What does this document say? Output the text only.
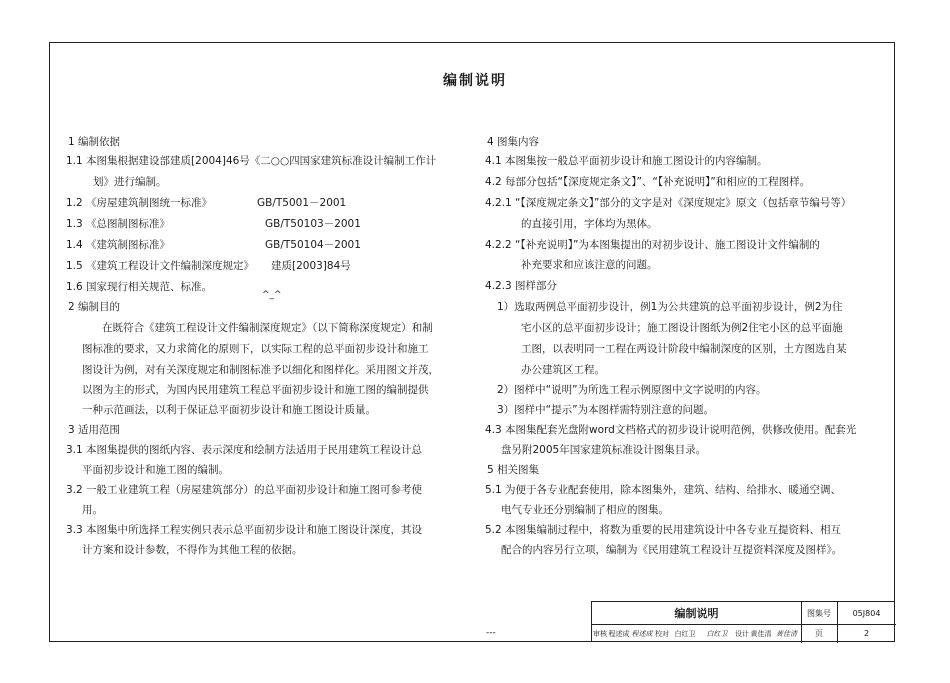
编制说明
1 编制依据
1.1 本图集根据建设部建质[2004]46号《二○○四国家建筑标准设计编制工作计
划》进行编制。
1.2 《房屋建筑制图统一标准》	GB/T5001－2001
1.3 《总图制图标准》	GB/T50103－2001
1.4 《建筑制图标准》	GB/T50104－2001
1.5 《建筑工程设计文件编制深度规定》 建质[2003]84号
1.6 国家现行相关规范、标准。
2 编制目的
在既符合《建筑工程设计文件编制深度规定》（以下简称深度规定）和制
图标准的要求，又力求简化的原则下，以实际工程的总平面初步设计和施工
图设计为例，对有关深度规定和制图标准予以细化和图样化。采用图文并茂，
以图为主的形式，为国内民用建筑工程总平面初步设计和施工图的编制提供
一种示范画法，以利于保证总平面初步设计和施工图设计质量。
3 适用范围
3.1 本图集提供的图纸内容、表示深度和绘制方法适用于民用建筑工程设计总
平面初步设计和施工图的编制。
3.2 一般工业建筑工程（房屋建筑部分）的总平面初步设计和施工图可参考使
用。
3.3 本图集中所选择工程实例只表示总平面初步设计和施工图设计深度，其设
计方案和设计参数，不得作为其他工程的依据。
^_^
4 图集内容
4.1 本图集按一般总平面初步设计和施工图设计的内容编制。
4.2 每部分包括“【深度规定条文】”、“【补充说明】”和相应的工程图样。
4.2.1 “【深度规定条文】”部分的文字是对《深度规定》原文（包括章节编号等）
的直接引用，字体均为黑体。
4.2.2 “【补充说明】”为本图集提出的对初步设计、施工图设计文件编制的
补充要求和应该注意的问题。
4.2.3 图样部分
1）选取两例总平面初步设计，例1为公共建筑的总平面初步设计，例2为住
宅小区的总平面初步设计；施工图设计图纸为例2住宅小区的总平面施
工图，以表明同一工程在两设计阶段中编制深度的区别，土方图选自某
办公建筑区工程。
2）图样中“说明”为所选工程示例原图中文字说明的内容。
3）图样中“提示”为本图样需特别注意的问题。
4.3 本图集配套光盘附word文档格式的初步设计说明范例，供修改使用。配套光
盘另附2005年国家建筑标准设计图集目录。
5 相关图集
5.1 为便于各专业配套使用，除本图集外，建筑、结构、给排水、暖通空调、
电气专业还分别编制了相应的图集。
5.2 本图集编制过程中，将数为重要的民用建筑设计中各专业互提资料、相互
配合的内容另行立项，编制为《民用建筑工程设计互提资料深度及图样》。
---
编制说明	图集号	05J804
审核 程述成 程述成 校对 白红卫	白红卫	设计 黄佳清 黄佳清	页	2
